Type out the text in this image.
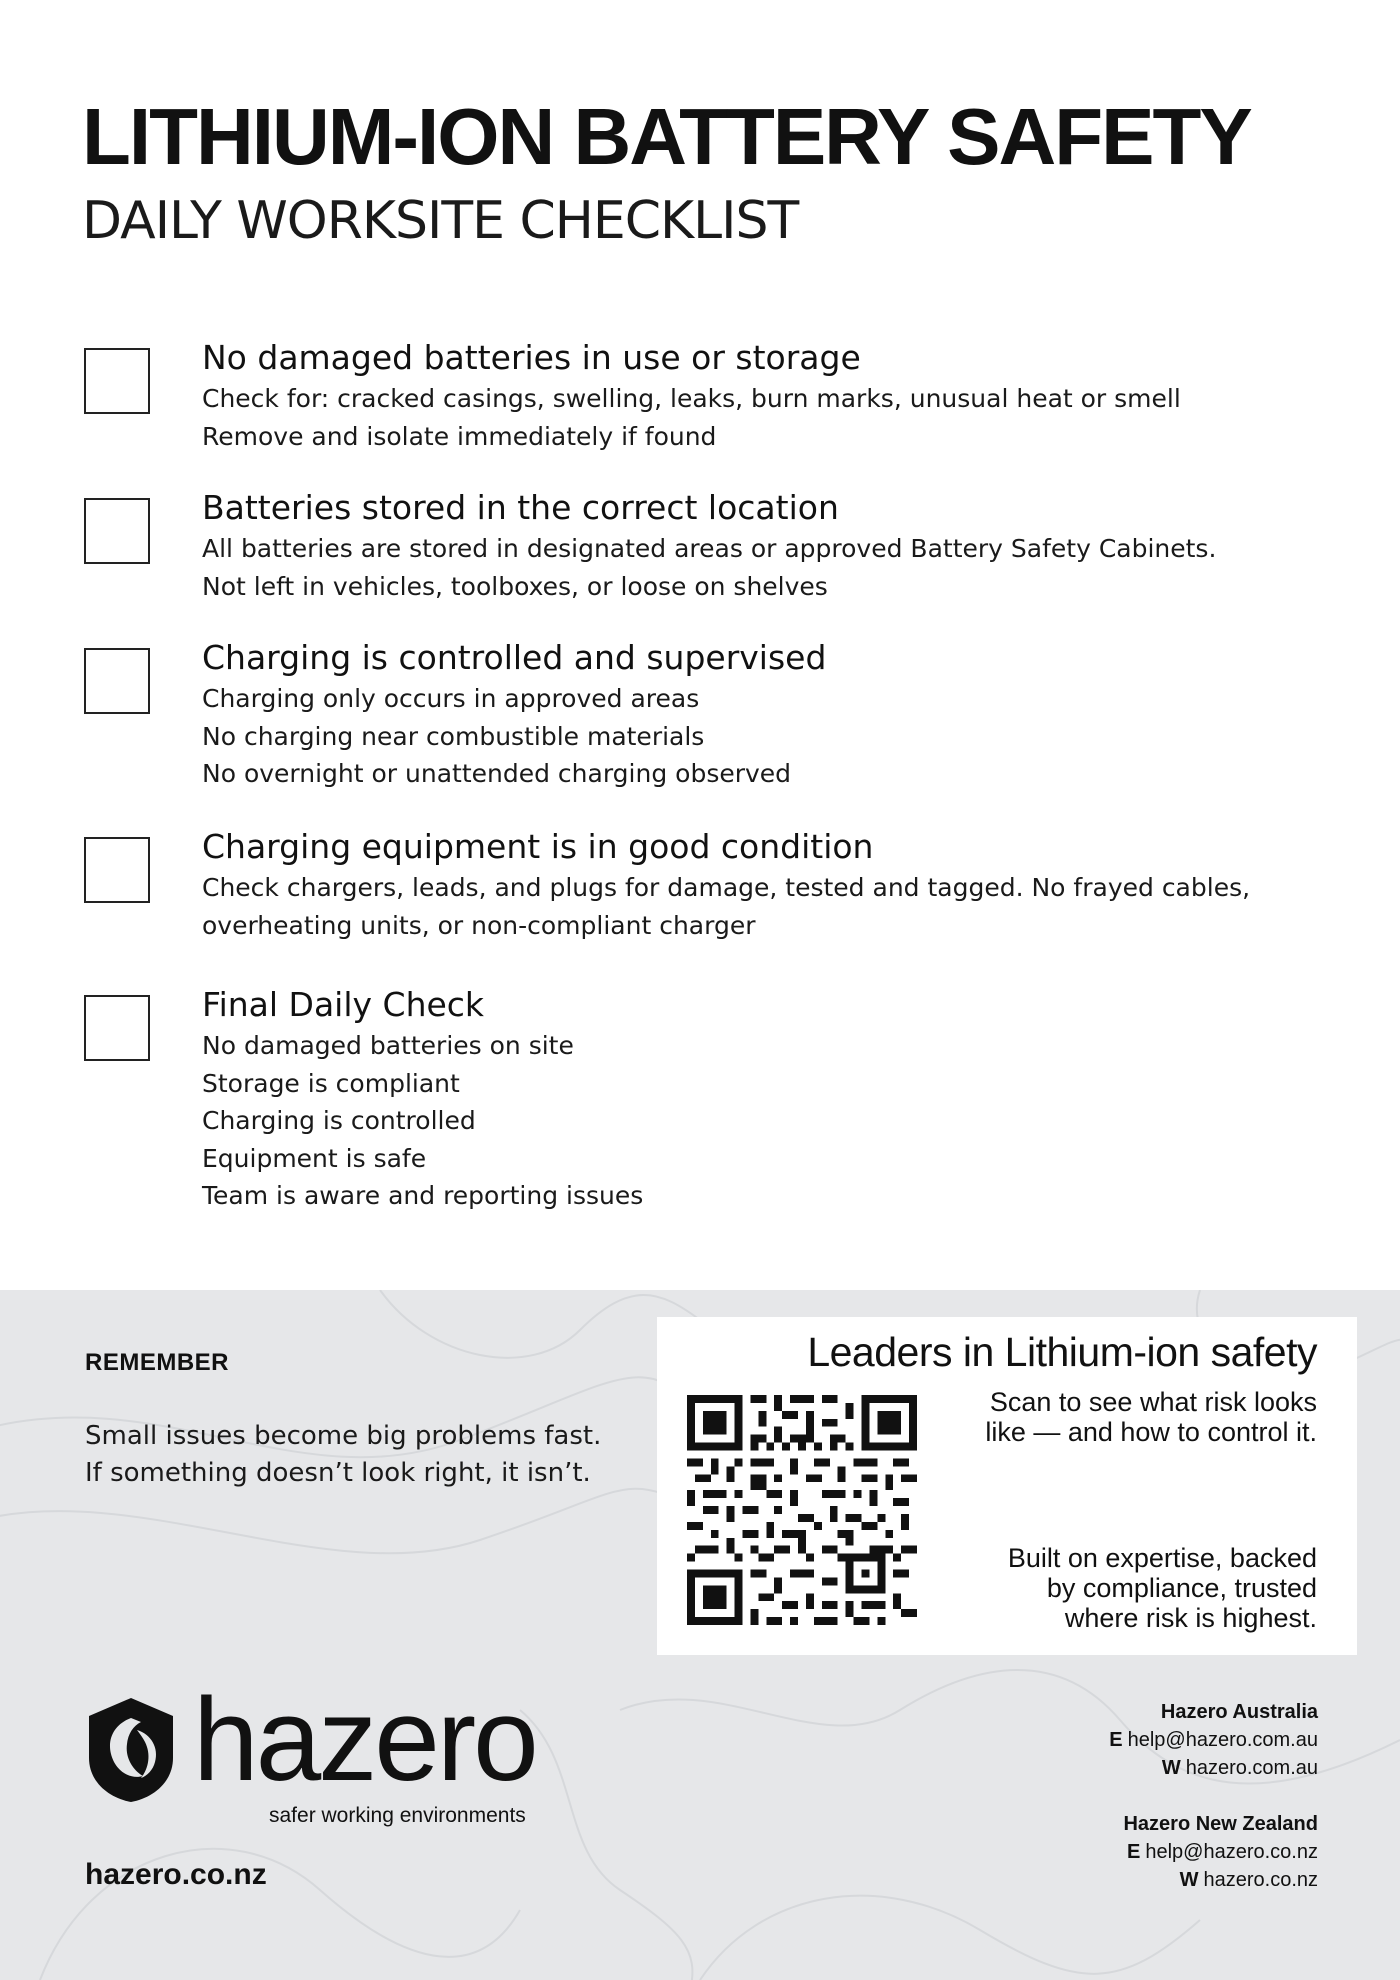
LITHIUM-ION BATTERY SAFETY
DAILY WORKSITE CHECKLIST
No damaged batteries in use or storage
Check for: cracked casings, swelling, leaks, burn marks, unusual heat or smell
Remove and isolate immediately if found
Batteries stored in the correct location
All batteries are stored in designated areas or approved Battery Safety Cabinets.
Not left in vehicles, toolboxes, or loose on shelves
Charging is controlled and supervised
Charging only occurs in approved areas
No charging near combustible materials
No overnight or unattended charging observed
Charging equipment is in good condition
Check chargers, leads, and plugs for damage, tested and tagged. No frayed cables,
overheating units, or non-compliant charger
Final Daily Check
No damaged batteries on site
Storage is compliant
Charging is controlled
Equipment is safe
Team is aware and reporting issues
REMEMBER

Small issues become big problems fast.
If something doesn’t look right, it isn’t.

Leaders in Lithium-ion safety

Scan to see what risk looks
like — and how to control it.

Built on expertise, backed
by compliance, trusted
where risk is highest.

hazero
safer working environments
hazero.co.nz
Hazero Australia
E help@hazero.com.au
W hazero.com.au
Hazero New Zealand
E help@hazero.co.nz
W hazero.co.nz
